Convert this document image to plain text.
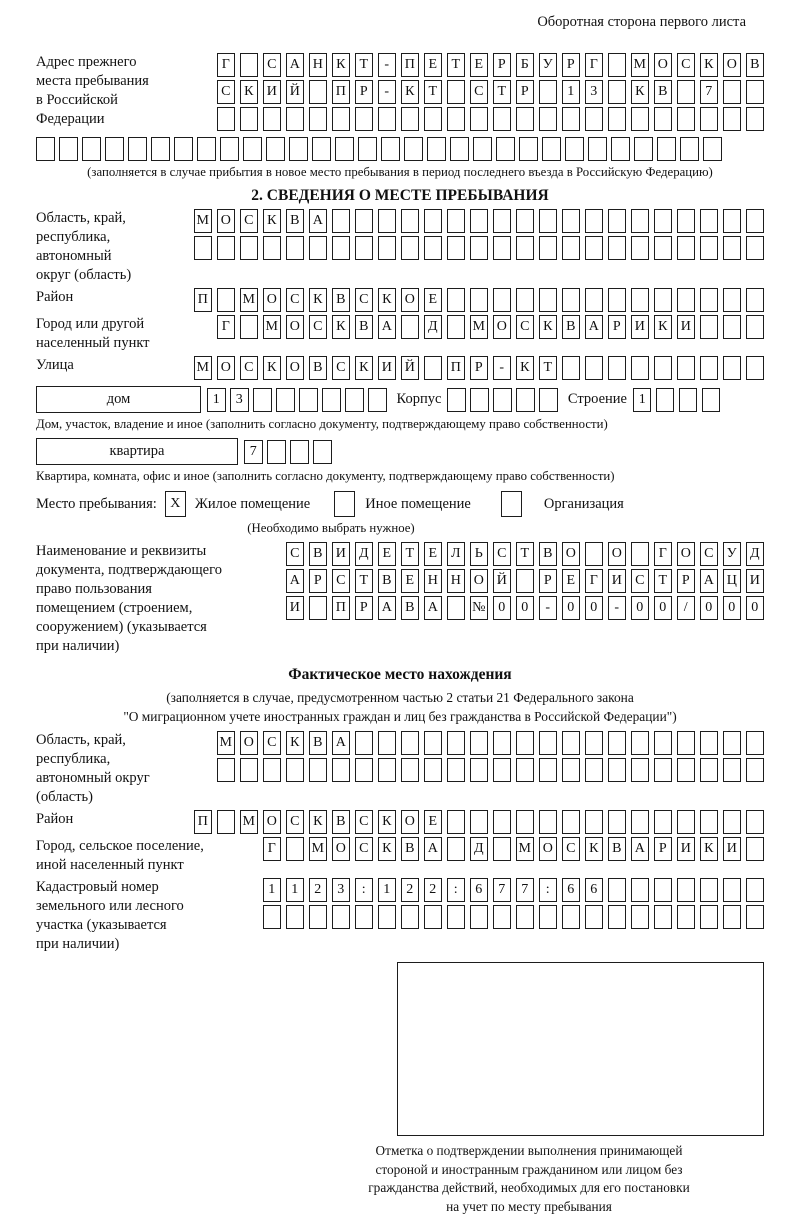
Оборотная сторона первого листа
Адрес прежнего
места пребывания
в Российской
Федерации
Г	С А Н К	Т	-	П Е	Т	Е	Р	Б	У	Р	Г	М О С К О В
С К И Й	П	Р	-	К	Т	С	Т	Р	1	3	К В	7
(заполняется в случае прибытия в новое место пребывания в период последнего въезда в Российскую Федерацию)
2. СВЕДЕНИЯ О МЕСТЕ ПРЕБЫВАНИЯ
Область, край,
республика,
автономный
округ (область)
М О С К В А
Район	П М О С К В С К О Е
Город или другой
населенный пункт
Г	М О С К В А	Д	М О С К В А	Р	И К И
Улица	М О С К О В С К И Й	П	Р	-	К	Т
дом	1	3	Корпус	Строение 1
Дом, участок, владение и иное (заполнить согласно документу, подтверждающему право собственности)
квартира	7
Квартира, комната, офис и иное (заполнить согласно документу, подтверждающему право собственности)
Место пребывания: X Жилое помещение	Иное помещение	Организация
(Необходимо выбрать нужное)
Наименование и реквизиты
документа, подтверждающего
право пользования
помещением (строением,
сооружением) (указывается
при наличии)
С В И Д Е	Т	Е Л	Ь	С	Т	В О	О	Г О С У Д
А	Р	С	Т	В	Е Н Н О Й	Р	Е	Г И С	Т	Р	А Ц И
И	П	Р	А В А № 0	0	-	0	0	-	0	0	/	0	0	0
Фактическое место нахождения
(заполняется в случае, предусмотренном частью 2 статьи 21 Федерального закона
"О миграционном учете иностранных граждан и лиц без гражданства в Российской Федерации")
Область, край,
республика,
автономный округ
(область)
М О С К В А
Район	П М О С К В С К О Е
Город, сельское поселение,
иной населенный пункт
Г	М О С К В А	Д	М О С К В А	Р	И К И
Кадастровый номер
земельного или лесного
участка (указывается
при наличии)
1	1	2	3	:	1	2	2	:	6	7	7	:	6	6
Отметка о подтверждении выполнения принимающей
стороной и иностранным гражданином или лицом без
гражданства действий, необходимых для его постановки
на учет по месту пребывания
